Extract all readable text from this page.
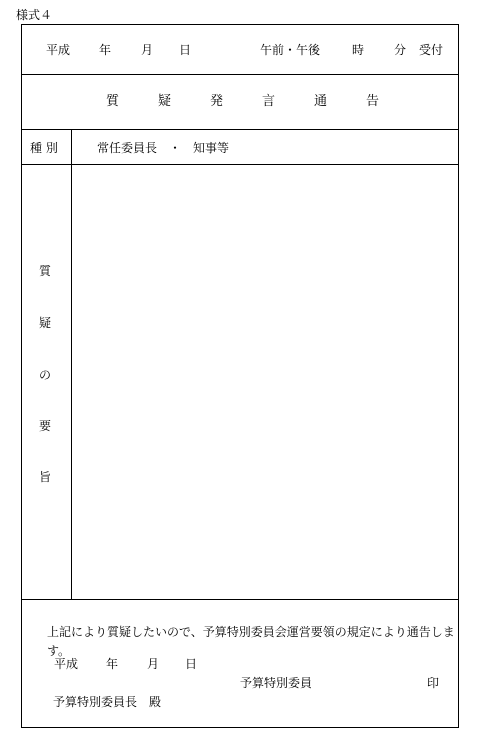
様式４
平成 年 月 日	午前・午後	時 分 受付
質	疑	発	言	通	告
種 別	常任委員長　・　知事等
質
疑
の
要
旨
上記により質疑したいので、予算特別委員会運営要領の規定により通告します。
平成 年 月 日
予算特別委員	印
予算特別委員長　殿
